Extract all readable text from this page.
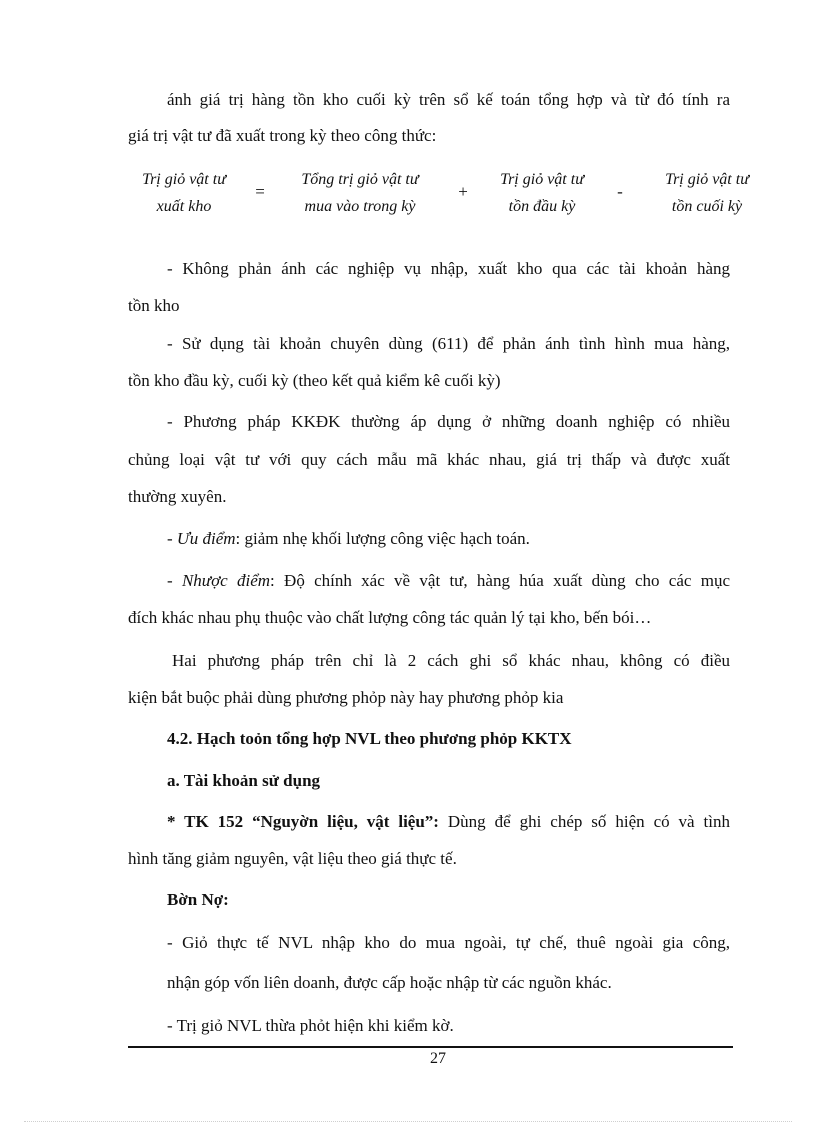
ánh giá trị hàng tồn kho cuối kỳ trên sổ kế toán tổng hợp và từ đó tính ra
giá trị vật tư đã xuất trong kỳ theo công thức:
Trị giỏ vật tư
xuất kho
=
Tổng trị giỏ vật tư
mua vào trong kỳ
+
Trị giỏ vật tư
tồn đầu kỳ
-
Trị giỏ vật tư
tồn cuối kỳ
- Không phản ánh các nghiệp vụ nhập, xuất kho qua các tài khoản hàng
tồn kho
- Sử dụng tài khoản chuyên dùng (611) để phản ánh tình hình mua hàng,
tồn kho đầu kỳ, cuối kỳ (theo kết quả kiểm kê cuối kỳ)
- Phương pháp KKĐK thường áp dụng ở những doanh nghiệp có nhiều
chủng loại vật tư với quy cách mẫu mã khác nhau, giá trị thấp và được xuất
thường xuyên.
- Ưu điểm: giảm nhẹ khối lượng công việc hạch toán.
- Nhược điểm: Độ chính xác về vật tư, hàng húa xuất dùng cho các mục
đích khác nhau phụ thuộc vào chất lượng công tác quản lý tại kho, bến bói…
Hai phương pháp trên chỉ là 2 cách ghi sổ khác nhau, không có điều
kiện bắt buộc phải dùng phương phỏp này hay phương phỏp kia
4.2. Hạch toỏn tổng hợp NVL theo phương phỏp KKTX
a. Tài khoản sử dụng
* TK 152 “Nguyờn liệu, vật liệu”: Dùng để ghi chép số hiện có và tình
hình tăng giảm nguyên, vật liệu theo giá thực tế.
Bờn Nợ:
- Giỏ thực tế NVL nhập kho do mua ngoài, tự chế, thuê ngoài gia công,
nhận góp vốn liên doanh, được cấp hoặc nhập từ các nguồn khác.
- Trị giỏ NVL thừa phỏt hiện khi kiểm kờ.
27
